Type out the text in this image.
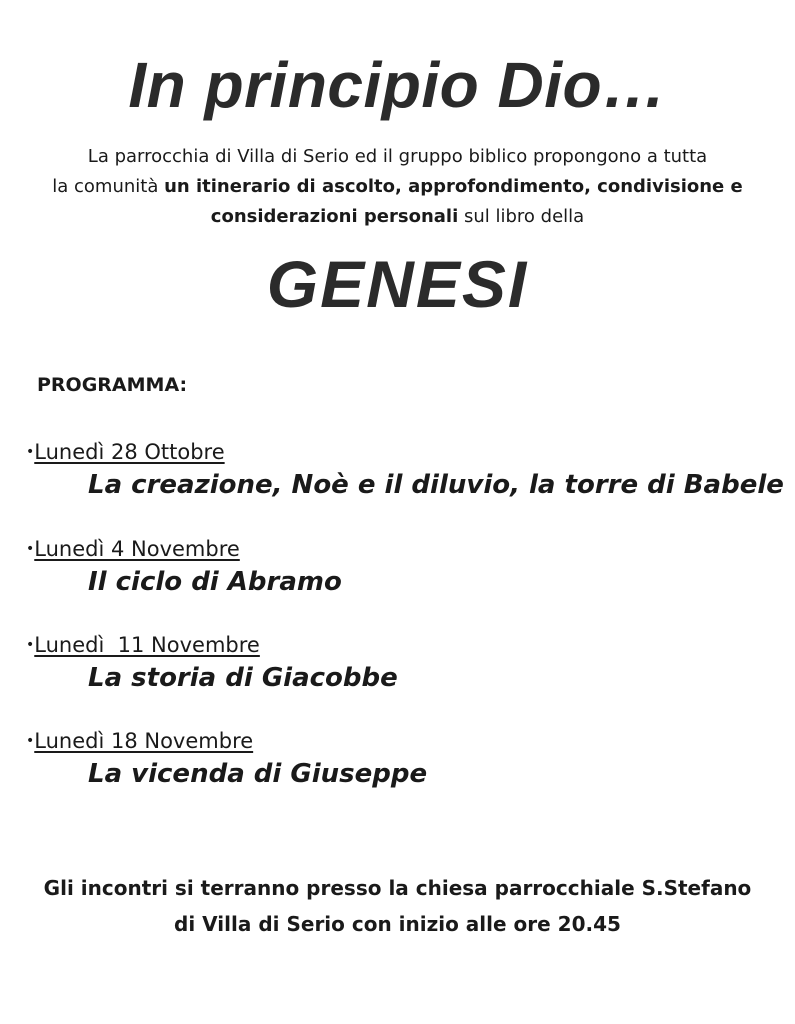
In principio Dio…
La parrocchia di Villa di Serio ed il gruppo biblico propongono a tutta
la comunità un itinerario di ascolto, approfondimento, condivisione e
considerazioni personali sul libro della
GENESI
PROGRAMMA:
•Lunedì 28 Ottobre
La creazione, Noè e il diluvio, la torre di Babele
•Lunedì 4 Novembre
Il ciclo di Abramo
•Lunedì  11 Novembre
La storia di Giacobbe
•Lunedì 18 Novembre
La vicenda di Giuseppe
Gli incontri si terranno presso la chiesa parrocchiale S.Stefano
di Villa di Serio con inizio alle ore 20.45
